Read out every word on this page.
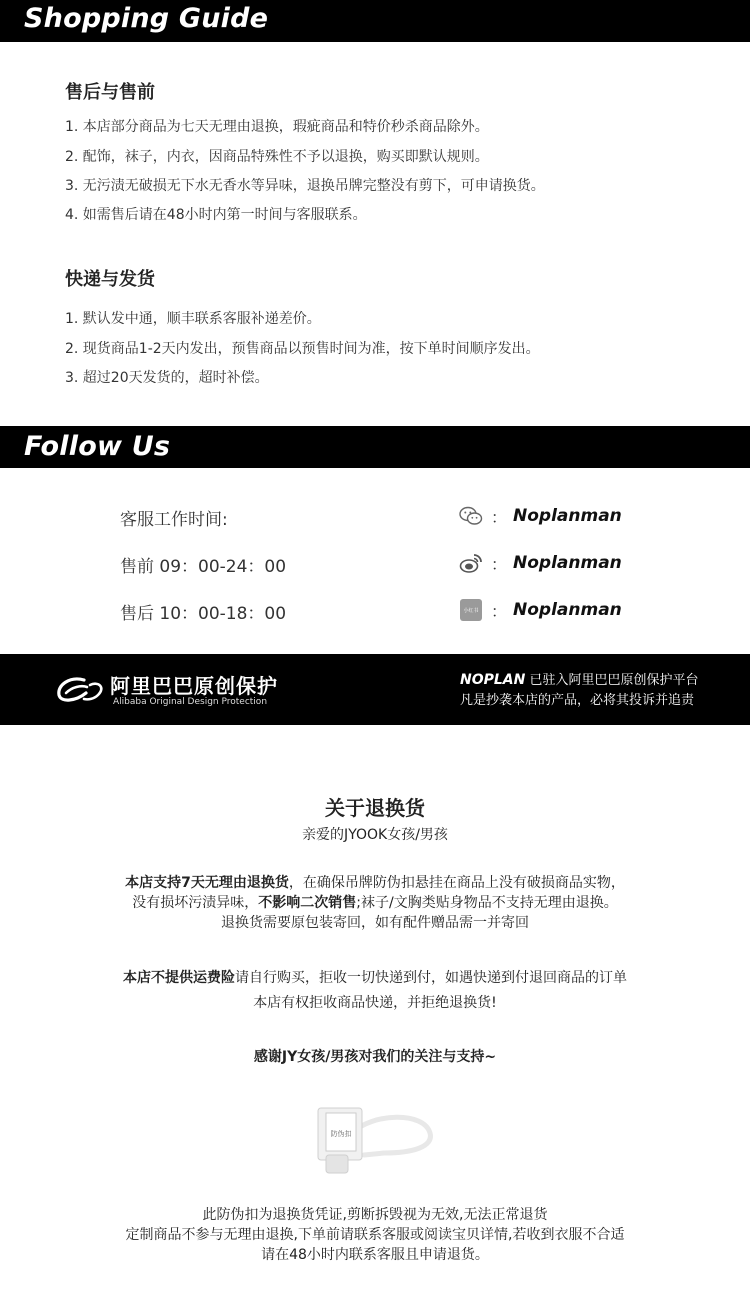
Shopping Guide
售后与售前
1. 本店部分商品为七天无理由退换，瑕疵商品和特价秒杀商品除外。
2. 配饰，袜子，内衣，因商品特殊性不予以退换，购买即默认规则。
3. 无污渍无破损无下水无香水等异味，退换吊牌完整没有剪下，可申请换货。
4. 如需售后请在48小时内第一时间与客服联系。
快递与发货
1. 默认发中通，顺丰联系客服补递差价。
2. 现货商品1-2天内发出，预售商品以预售时间为准，按下单时间顺序发出。
3. 超过20天发货的，超时补偿。
Follow Us
客服工作时间:
售前 09：00-24：00
售后 10：00-18：00
： Noplanman
： Noplanman
小红书 ： Noplanman
阿里巴巴原创保护
Alibaba Original Design Protection
NOPLAN 已驻入阿里巴巴原创保护平台
凡是抄袭本店的产品，必将其投诉并追责
关于退换货
亲爱的JYOOK女孩/男孩
本店支持7天无理由退换货，在确保吊牌防伪扣悬挂在商品上没有破损商品实物，
没有损坏污渍异味，不影响二次销售;袜子/文胸类贴身物品不支持无理由退换。
退换货需要原包装寄回，如有配件赠品需一并寄回
本店不提供运费险请自行购买，拒收一切快递到付，如遇快递到付退回商品的订单
本店有权拒收商品快递，并拒绝退换货!
感谢JY女孩/男孩对我们的关注与支持~
防伪扣
此防伪扣为退换货凭证,剪断拆毁视为无效,无法正常退货
定制商品不参与无理由退换,下单前请联系客服或阅读宝贝详情,若收到衣服不合适
请在48小时内联系客服且申请退货。
